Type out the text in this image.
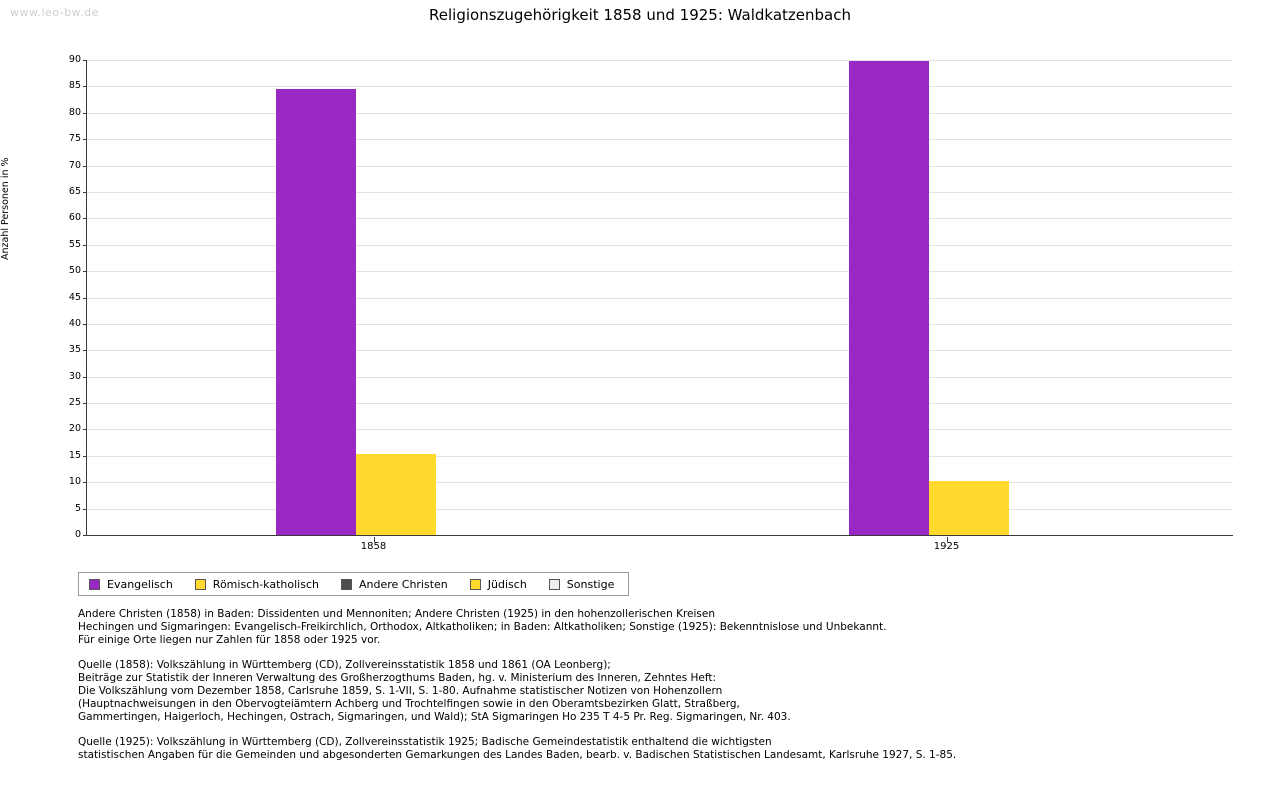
www.leo-bw.de	Religionszugehörigkeit 1858 und 1925: Waldkatzenbach
Anzahl Personen in %
0
5
10
15
20
25
30
35
40
45
50
55
60
65
70
75
80
85
90
1858	1925
Evangelisch	Römisch-katholisch	Andere Christen	Jüdisch	Sonstige

Andere Christen (1858) in Baden: Dissidenten und Mennoniten; Andere Christen (1925) in den hohenzollerischen Kreisen
Hechingen und Sigmaringen: Evangelisch-Freikirchlich, Orthodox, Altkatholiken; in Baden: Altkatholiken; Sonstige (1925): Bekenntnislose und Unbekannt.
Für einige Orte liegen nur Zahlen für 1858 oder 1925 vor.

Quelle (1858): Volkszählung in Württemberg (CD), Zollvereinsstatistik 1858 und 1861 (OA Leonberg);
Beiträge zur Statistik der Inneren Verwaltung des Großherzogthums Baden, hg. v. Ministerium des Inneren, Zehntes Heft:
Die Volkszählung vom Dezember 1858, Carlsruhe 1859, S. 1-VII, S. 1-80. Aufnahme statistischer Notizen von Hohenzollern
(Hauptnachweisungen in den Obervogteiämtern Achberg und Trochtelfingen sowie in den Oberamtsbezirken Glatt, Straßberg,
Gammertingen, Haigerloch, Hechingen, Ostrach, Sigmaringen, und Wald); StA Sigmaringen Ho 235 T 4-5 Pr. Reg. Sigmaringen, Nr. 403.

Quelle (1925): Volkszählung in Württemberg (CD), Zollvereinsstatistik 1925; Badische Gemeindestatistik enthaltend die wichtigsten
statistischen Angaben für die Gemeinden und abgesonderten Gemarkungen des Landes Baden, bearb. v. Badischen Statistischen Landesamt, Karlsruhe 1927, S. 1-85.
